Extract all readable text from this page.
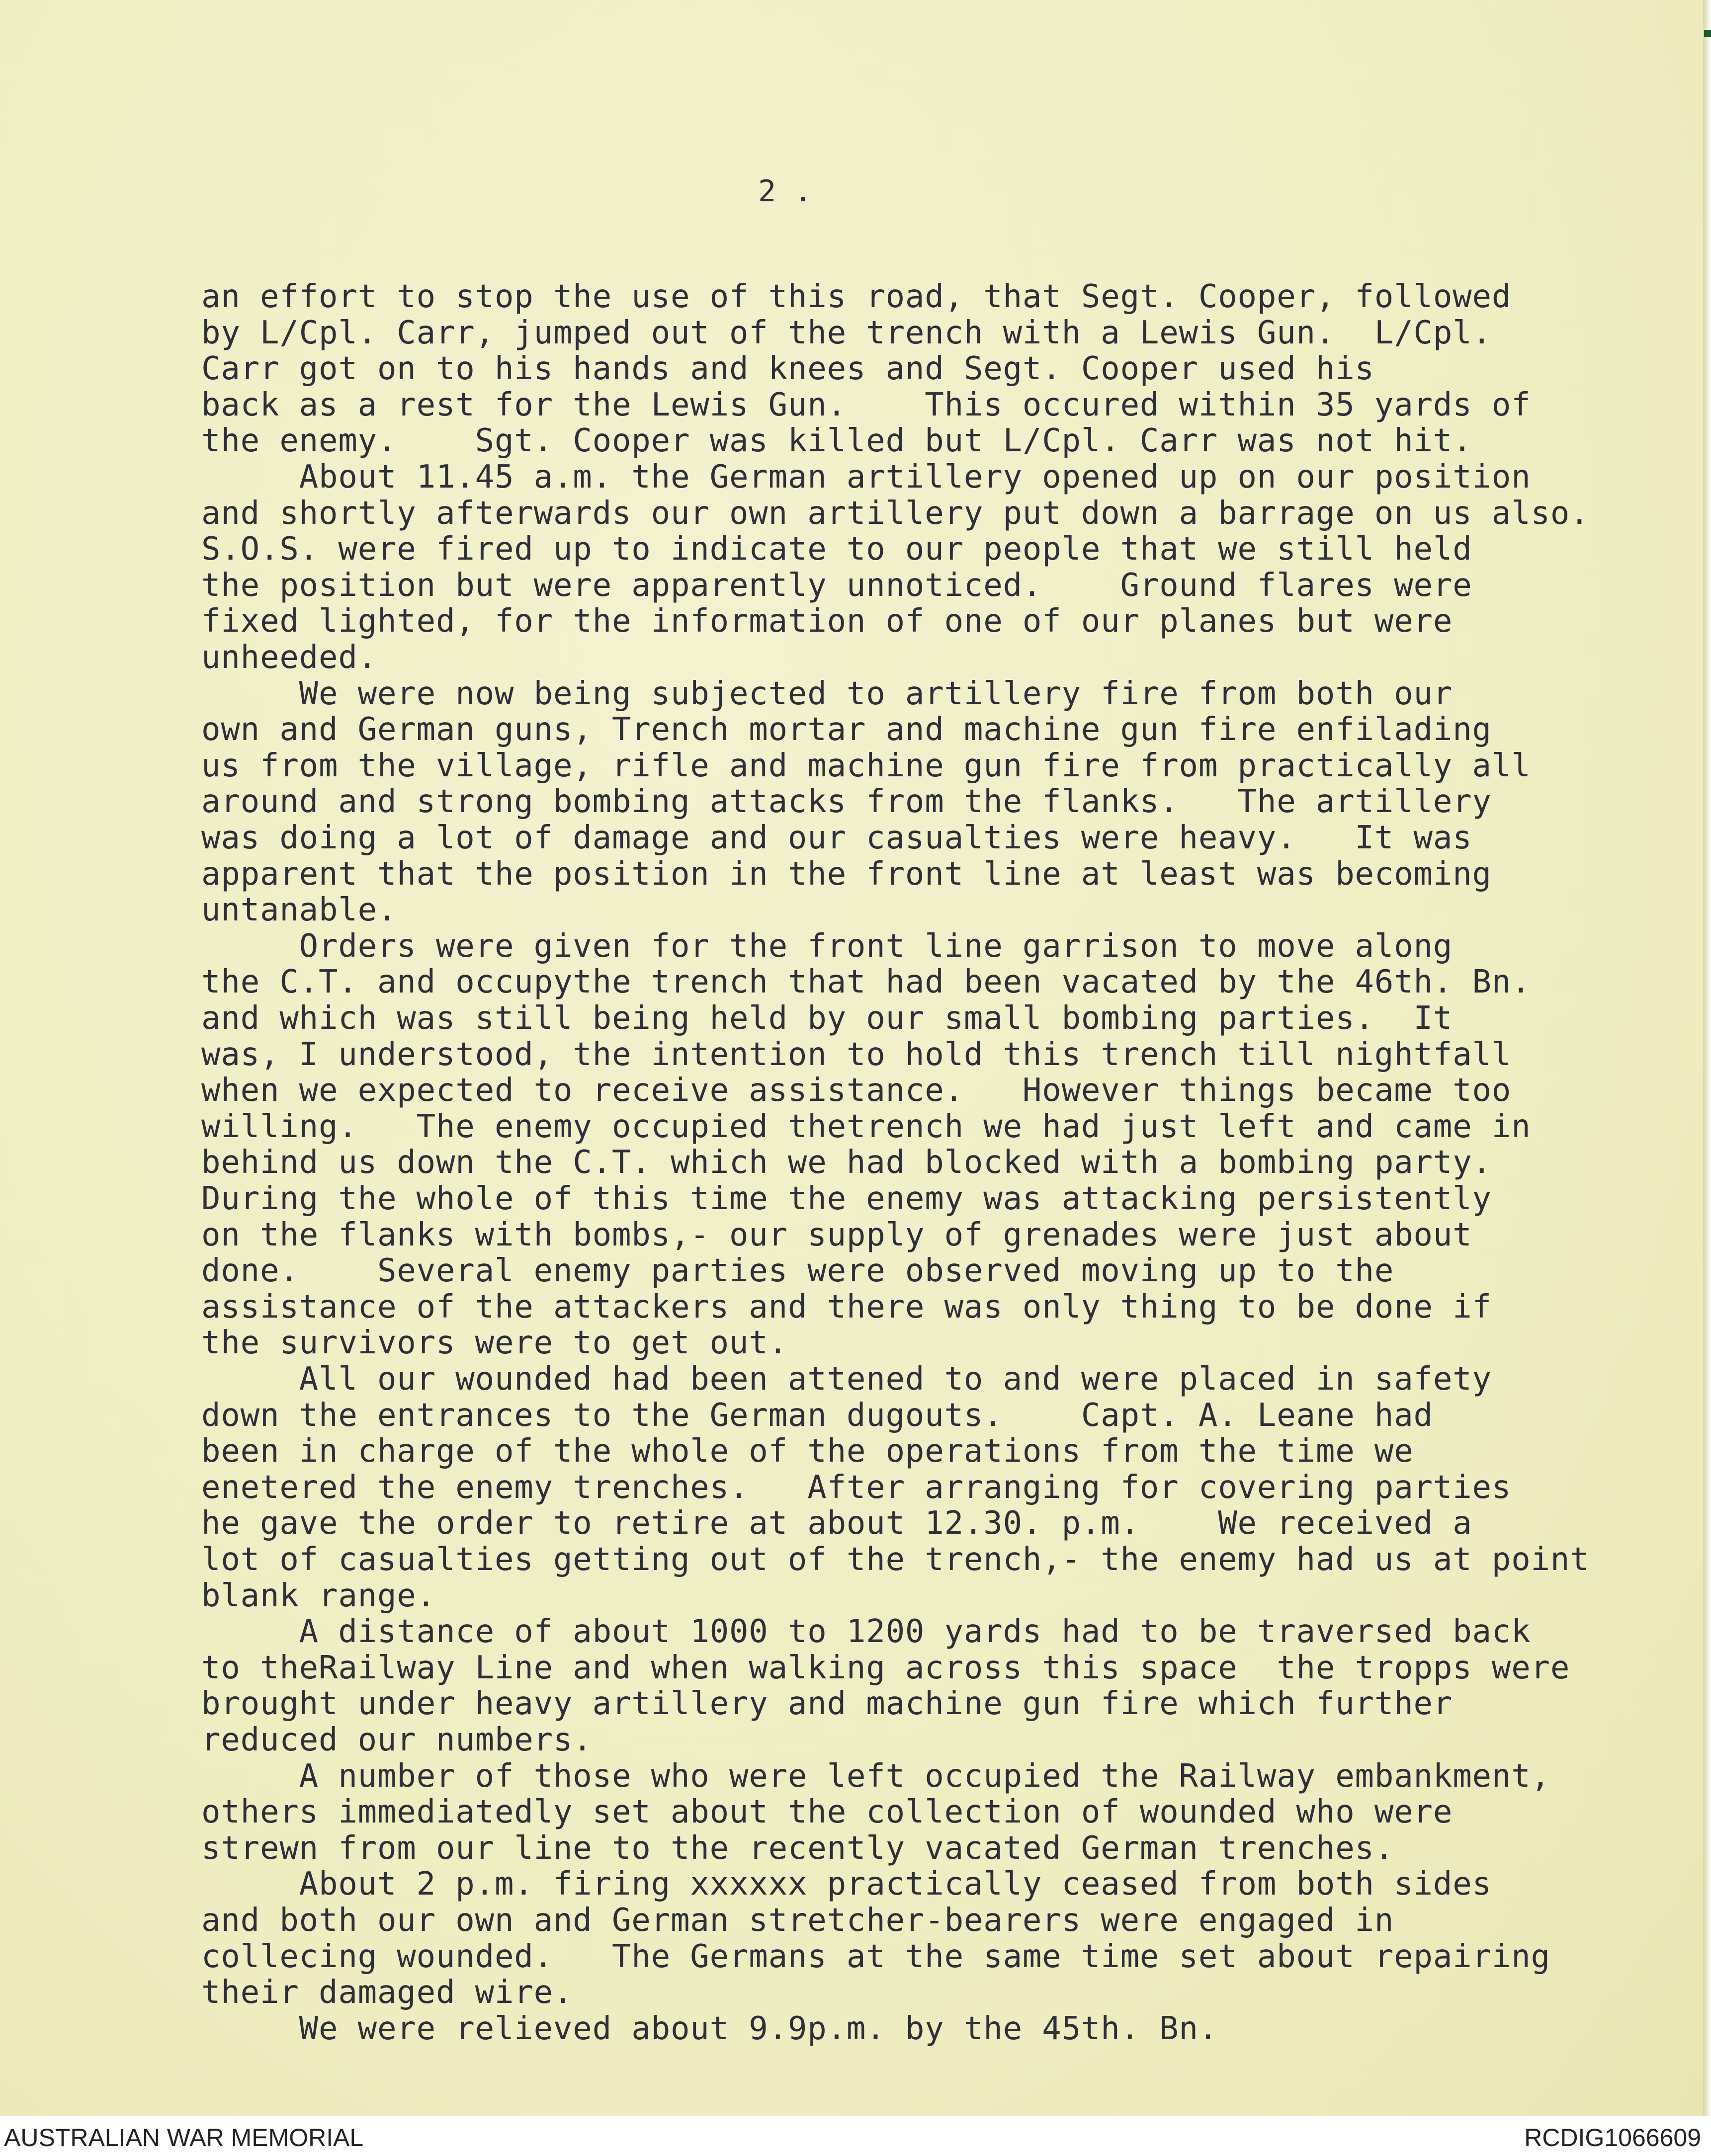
2 .
an effort to stop the use of this road, that Segt. Cooper, followed
by L/Cpl. Carr, jumped out of the trench with a Lewis Gun.  L/Cpl.
Carr got on to his hands and knees and Segt. Cooper used his
back as a rest for the Lewis Gun.    This occured within 35 yards of
the enemy.    Sgt. Cooper was killed but L/Cpl. Carr was not hit.
About 11.45 a.m. the German artillery opened up on our position
and shortly afterwards our own artillery put down a barrage on us also.
S.O.S. were fired up to indicate to our people that we still held
the position but were apparently unnoticed.    Ground flares were
fixed lighted, for the information of one of our planes but were
unheeded.
We were now being subjected to artillery fire from both our
own and German guns, Trench mortar and machine gun fire enfilading
us from the village, rifle and machine gun fire from practically all
around and strong bombing attacks from the flanks.   The artillery
was doing a lot of damage and our casualties were heavy.   It was
apparent that the position in the front line at least was becoming
untanable.
Orders were given for the front line garrison to move along
the C.T. and occupythe trench that had been vacated by the 46th. Bn.
and which was still being held by our small bombing parties.  It
was, I understood, the intention to hold this trench till nightfall
when we expected to receive assistance.   However things became too
willing.   The enemy occupied thetrench we had just left and came in
behind us down the C.T. which we had blocked with a bombing party.
During the whole of this time the enemy was attacking persistently
on the flanks with bombs,- our supply of grenades were just about
done.    Several enemy parties were observed moving up to the
assistance of the attackers and there was only thing to be done if
the survivors were to get out.
All our wounded had been attened to and were placed in safety
down the entrances to the German dugouts.    Capt. A. Leane had
been in charge of the whole of the operations from the time we
enetered the enemy trenches.   After arranging for covering parties
he gave the order to retire at about 12.30. p.m.    We received a
lot of casualties getting out of the trench,- the enemy had us at point
blank range.
A distance of about 1000 to 1200 yards had to be traversed back
to theRailway Line and when walking across this space  the tropps were
brought under heavy artillery and machine gun fire which further
reduced our numbers.
A number of those who were left occupied the Railway embankment,
others immediatedly set about the collection of wounded who were
strewn from our line to the recently vacated German trenches.
About 2 p.m. firing xxxxxx practically ceased from both sides
and both our own and German stretcher-bearers were engaged in
collecing wounded.   The Germans at the same time set about repairing
their damaged wire.
We were relieved about 9.9p.m. by the 45th. Bn.
AUSTRALIAN WAR MEMORIAL	RCDIG1066609
